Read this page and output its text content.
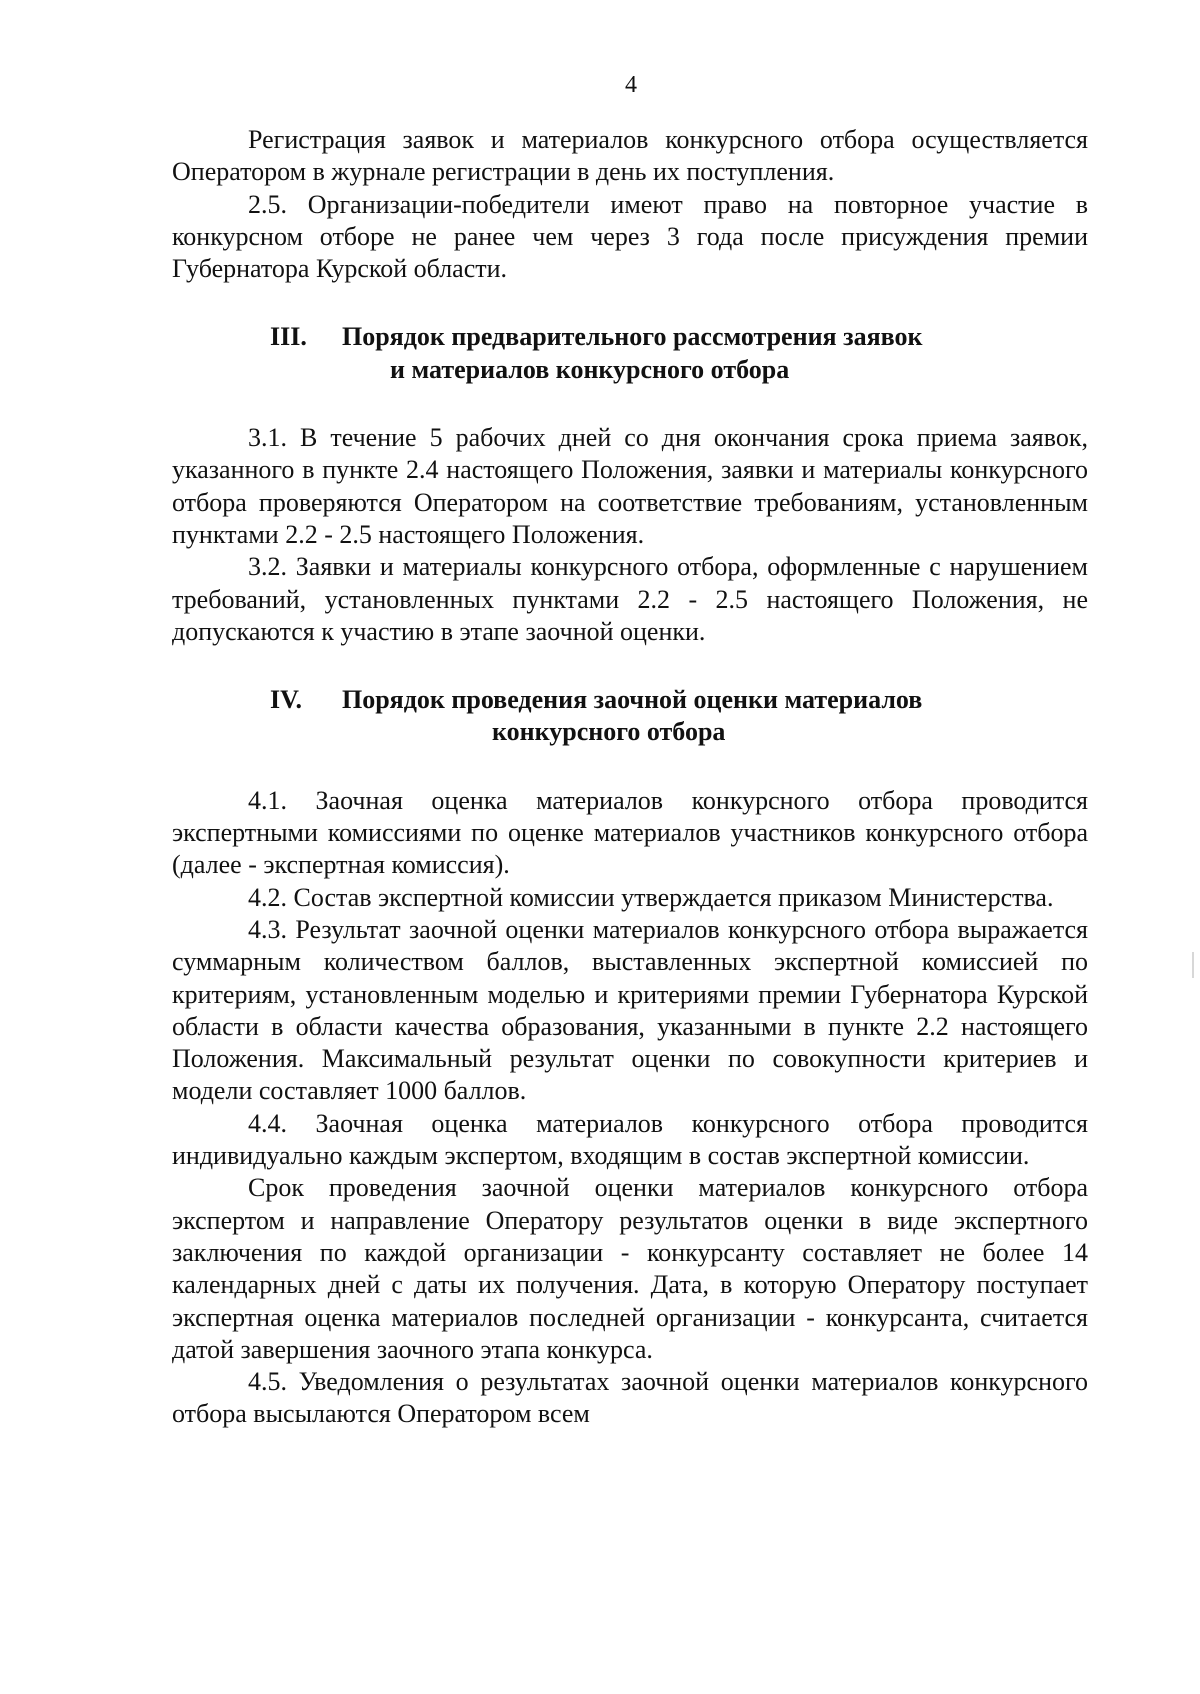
4

Регистрация заявок и материалов конкурсного отбора осуществляется Оператором в журнале регистрации в день их поступления.

2.5. Организации-победители имеют право на повторное участие в конкурсном отборе не ранее чем через 3 года после присуждения премии Губернатора Курской области.

III.	Порядок предварительного рассмотрения заявок
и материалов конкурсного отбора

3.1. В течение 5 рабочих дней со дня окончания срока приема заявок, указанного в пункте 2.4 настоящего Положения, заявки и материалы конкурсного отбора проверяются Оператором на соответствие требованиям, установленным пунктами 2.2 - 2.5 настоящего Положения.

3.2. Заявки и материалы конкурсного отбора, оформленные с нарушением требований, установленных пунктами 2.2 - 2.5 настоящего Положения, не допускаются к участию в этапе заочной оценки.

IV.	Порядок проведения заочной оценки материалов
конкурсного отбора

4.1. Заочная оценка материалов конкурсного отбора проводится экспертными комиссиями по оценке материалов участников конкурсного отбора (далее - экспертная комиссия).

4.2. Состав экспертной комиссии утверждается приказом Министерства.

4.3. Результат заочной оценки материалов конкурсного отбора выражается суммарным количеством баллов, выставленных экспертной комиссией по критериям, установленным моделью и критериями премии Губернатора Курской области в области качества образования, указанными в пункте 2.2 настоящего Положения. Максимальный результат оценки по совокупности критериев и модели составляет 1000 баллов.

4.4. Заочная оценка материалов конкурсного отбора проводится индивидуально каждым экспертом, входящим в состав экспертной комиссии.

Срок проведения заочной оценки материалов конкурсного отбора экспертом и направление Оператору результатов оценки в виде экспертного заключения по каждой организации - конкурсанту составляет не более 14 календарных дней с даты их получения. Дата, в которую Оператору поступает экспертная оценка материалов последней организации - конкурсанта, считается датой завершения заочного этапа конкурса.

4.5. Уведомления о результатах заочной оценки материалов конкурсного отбора высылаются Оператором всем
